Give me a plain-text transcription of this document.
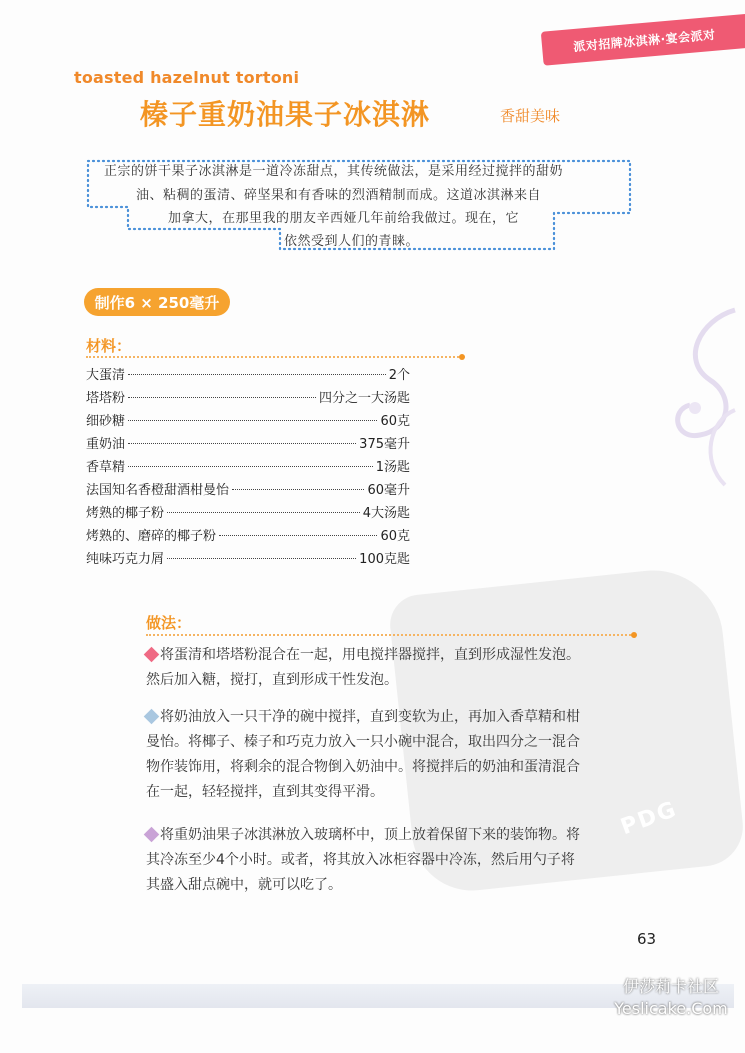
派对招牌冰淇淋·宴会派对
toasted hazelnut tortoni
榛子重奶油果子冰淇淋	香甜美味

正宗的饼干果子冰淇淋是一道冷冻甜点，其传统做法，是采用经过搅拌的甜奶

油、粘稠的蛋清、碎坚果和有香味的烈酒精制而成。这道冰淇淋来自

加拿大，在那里我的朋友辛西娅几年前给我做过。现在，它

依然受到人们的青睐。

制作6 × 250毫升
材料：
大蛋清	2个
塔塔粉	四分之一大汤匙
细砂糖	60克
重奶油	375毫升
香草精	1汤匙
法国知名香橙甜酒柑曼怡	60毫升
烤熟的椰子粉	4大汤匙
烤熟的、磨碎的椰子粉	60克
纯味巧克力屑	100克匙
PDG
做法：
将蛋清和塔塔粉混合在一起，用电搅拌器搅拌，直到形成湿性发泡。然后加入糖，搅打，直到形成干性发泡。
将奶油放入一只干净的碗中搅拌，直到变软为止，再加入香草精和柑曼怡。将椰子、榛子和巧克力放入一只小碗中混合，取出四分之一混合物作装饰用，将剩余的混合物倒入奶油中。将搅拌后的奶油和蛋清混合在一起，轻轻搅拌，直到其变得平滑。
将重奶油果子冰淇淋放入玻璃杯中，顶上放着保留下来的装饰物。将其冷冻至少4个小时。或者，将其放入冰柜容器中冷冻，然后用勺子将其盛入甜点碗中，就可以吃了。
63
伊莎莉卡社区
Yeslicake.Com
